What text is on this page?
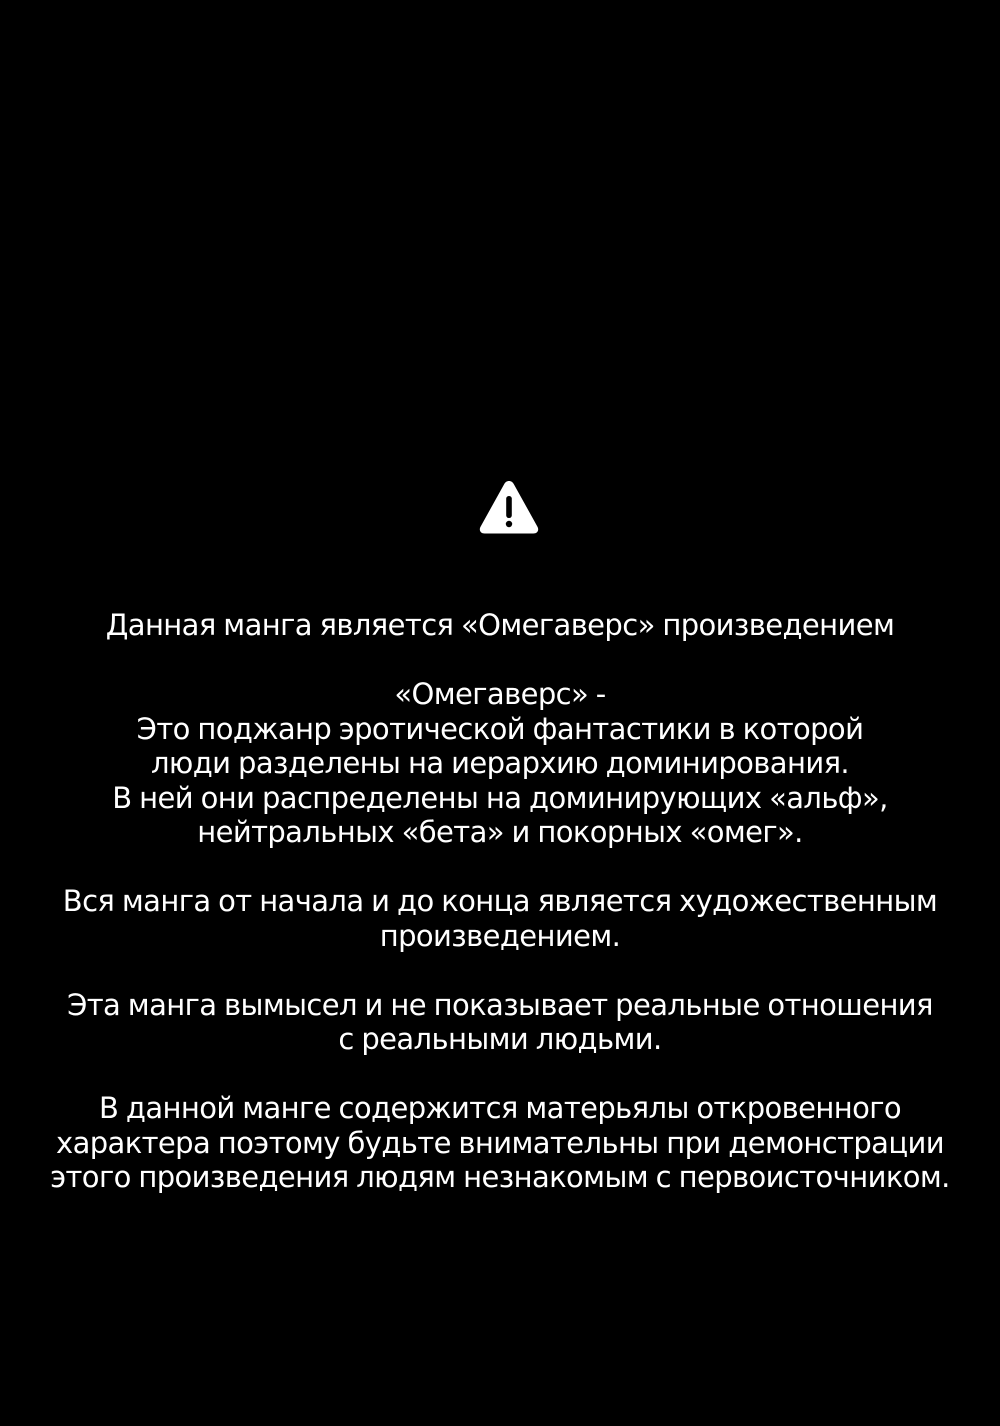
Данная манга является «Омегаверс» произведением
«Омегаверс» -
Это поджанр эротической фантастики в которой
люди разделены на иерархию доминирования.
В ней они распределены на доминирующих «альф»,
нейтральных «бета» и покорных «омег».
Вся манга от начала и до конца является художественным
произведением.
Эта манга вымысел и не показывает реальные отношения
с реальными людьми.
В данной манге содержится матерьялы откровенного
характера поэтому будьте внимательны при демонстрации
этого произведения людям незнакомым с первоисточником.
